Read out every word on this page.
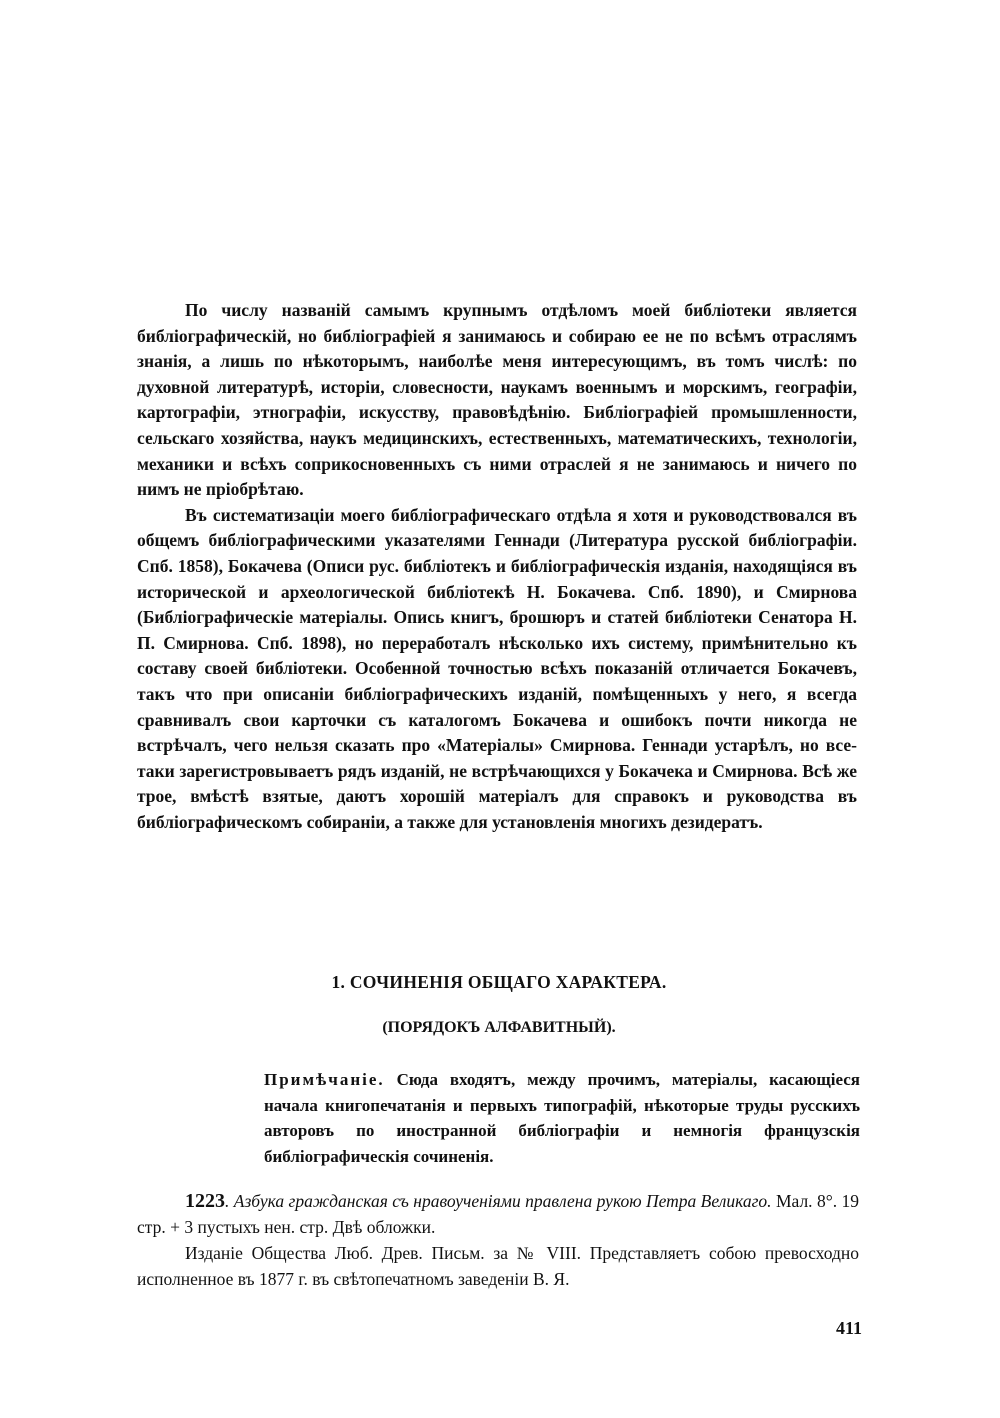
По числу названій самымъ крупнымъ отдѣломъ моей библіотеки является библіографическій, но библіографіей я занимаюсь и собираю ее не по всѣмъ отраслямъ знанія, а лишь по нѣкоторымъ, наиболѣе меня интересующимъ, въ томъ числѣ: по духовной литературѣ, исторіи, словесности, наукамъ военнымъ и морскимъ, географіи, картографіи, этнографіи, искусству, правовѣдѣнію. Библіографіей промышленности, сельскаго хозяйства, наукъ медицинскихъ, естественныхъ, математическихъ, технологіи, механики и всѣхъ соприкосновенныхъ съ ними отраслей я не занимаюсь и ничего по нимъ не пріобрѣтаю.

Въ систематизаціи моего библіографическаго отдѣла я хотя и руководствовался въ общемъ библіографическими указателями Геннади (Литература русской библіографіи. Спб. 1858), Бокачева (Описи рус. библіотекъ и библіографическія изданія, находящіяся въ исторической и археологической библіотекѣ Н. Бокачева. Спб. 1890), и Смирнова (Библіографическіе матеріалы. Опись книгъ, брошюръ и статей библіотеки Сенатора Н. П. Смирнова. Спб. 1898), но переработалъ нѣсколько ихъ систему, примѣнительно къ составу своей библіотеки. Особенной точностью всѣхъ показаній отличается Бокачевъ, такъ что при описаніи библіографическихъ изданій, помѣщенныхъ у него, я всегда сравнивалъ свои карточки съ каталогомъ Бокачева и ошибокъ почти никогда не встрѣчалъ, чего нельзя сказать про «Матеріалы» Смирнова. Геннади устарѣлъ, но все-таки зарегистровываетъ рядъ изданій, не встрѣчающихся у Бокачека и Смирнова. Всѣ же трое, вмѣстѣ взятые, даютъ хорошій матеріалъ для справокъ и руководства въ библіографическомъ собираніи, а также для установленія многихъ дезидератъ.

1. СОЧИНЕНІЯ ОБЩАГО ХАРАКТЕРА.
(ПОРЯДОКЪ АЛФАВИТНЫЙ).
Примѣчаніе. Сюда входятъ, между прочимъ, матеріалы, касающіеся начала книгопечатанія и первыхъ типографій, нѣкоторые труды русскихъ авторовъ по иностранной библіографіи и немногія французскія библіографическія сочиненія.

1223. Азбука гражданская съ нравоученіями правлена рукою Петра Великаго. Мал. 8°. 19 стр. + 3 пустыхъ нен. стр. Двѣ обложки.

Изданіе Общества Люб. Древ. Письм. за № VIII. Представляетъ собою превосходно исполненное въ 1877 г. въ свѣтопечатномъ заведеніи В. Я.

411
